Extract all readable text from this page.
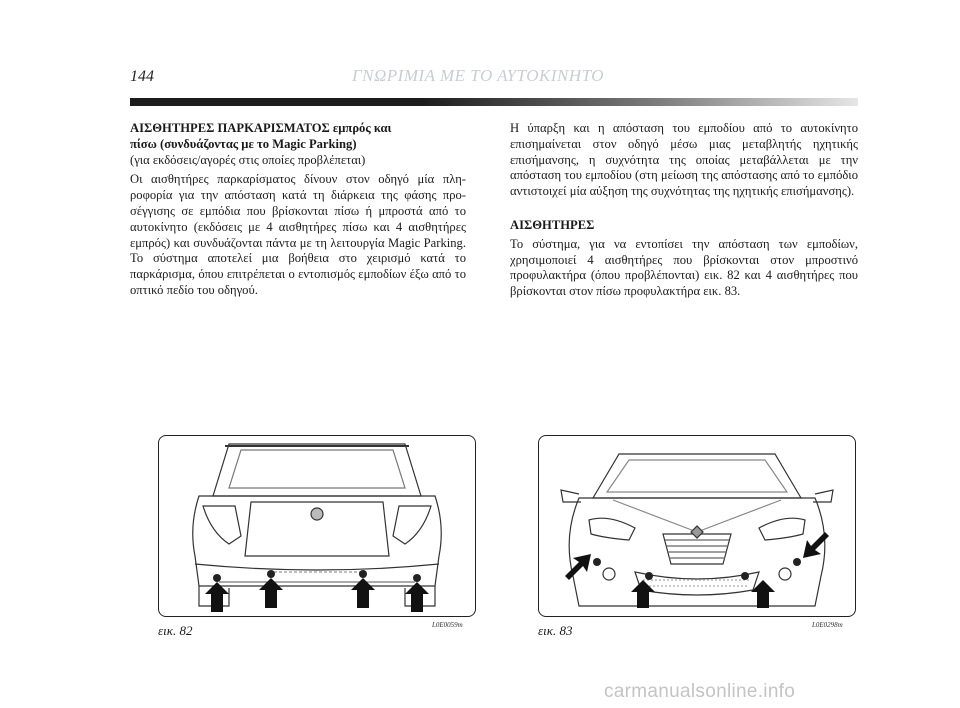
144	ΓΝΩΡΙΜΙΑ ΜΕ ΤΟ ΑΥΤΟΚΙΝΗΤΟ

ΑΙΣΘΗΤΗΡΕΣ ΠΑΡΚΑΡΙΣΜΑΤΟΣ εμπρός και

πίσω (συνδυάζοντας με το Magic Parking)

(για εκδόσεις/αγορές στις οποίες προβλέπεται)

Οι αισθητήρες παρκαρίσματος δίνουν στον οδηγό μία πληροφορία για την απόσταση κατά τη διάρκεια της φάσης προσέγγισης σε εμπόδια που βρίσκονται πίσω ή μπροστά από το αυτοκίνητο (εκδόσεις με 4 αισθητήρες πίσω και 4 αισθητήρες εμπρός) και συνδυάζονται πάντα με τη λειτουργία Magic Parking. Το σύστημα αποτελεί μια βοήθεια στο χειρισμό κατά το παρκάρισμα, όπου επιτρέπεται ο εντοπισμός εμποδίων έξω από το οπτικό πεδίο του οδηγού.

Η ύπαρξη και η απόσταση του εμποδίου από το αυτοκίνητο επισημαίνεται στον οδηγό μέσω μιας μεταβλητής ηχητικής επισήμανσης, η συχνότητα της οποίας μεταβάλλεται με την απόσταση του εμποδίου (στη μείωση της απόστασης από το εμπόδιο αντιστοιχεί μία αύξηση της συχνότητας της ηχητικής επισήμανσης).

ΑΙΣΘΗΤΗΡΕΣ

Το σύστημα, για να εντοπίσει την απόσταση των εμποδίων, χρησιμοποιεί 4 αισθητήρες που βρίσκονται στον μπροστινό προφυλακτήρα (όπου προβλέπονται) εικ. 82 και 4 αισθητήρες που βρίσκονται στον πίσω προφυλακτήρα εικ. 83.

εικ. 82	L0E0059m	εικ. 83	L0E0298m
carmanualsonline.info
